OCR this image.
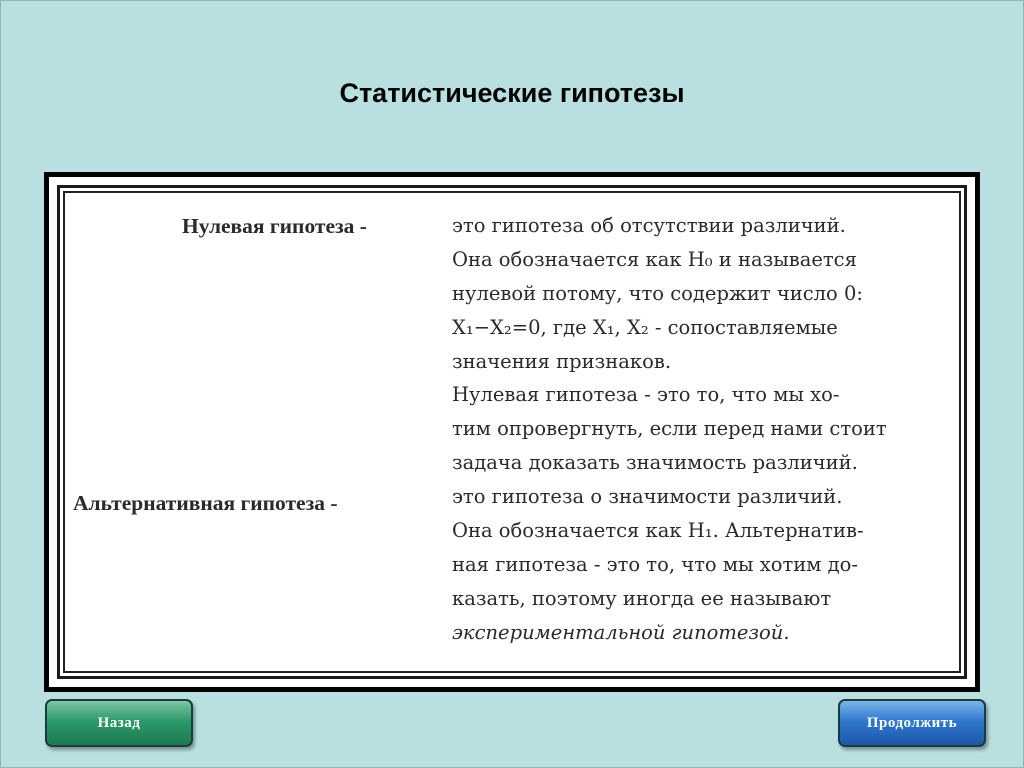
Статистические гипотезы
Нулевая гипотеза -
Альтернативная гипотеза -
это гипотеза об отсутствии различий.
Она обозначается как H₀ и называется
нулевой потому, что содержит число 0:
X₁−X₂=0, где X₁, X₂ - сопоставляемые
значения признаков.
Нулевая гипотеза - это то, что мы хо-
тим опровергнуть, если перед нами стоит
задача доказать значимость различий.
это гипотеза о значимости различий.
Она обозначается как H₁. Альтернатив-
ная гипотеза - это то, что мы хотим до-
казать, поэтому иногда ее называют
экспериментальной гипотезой.
Назад	Продолжить
